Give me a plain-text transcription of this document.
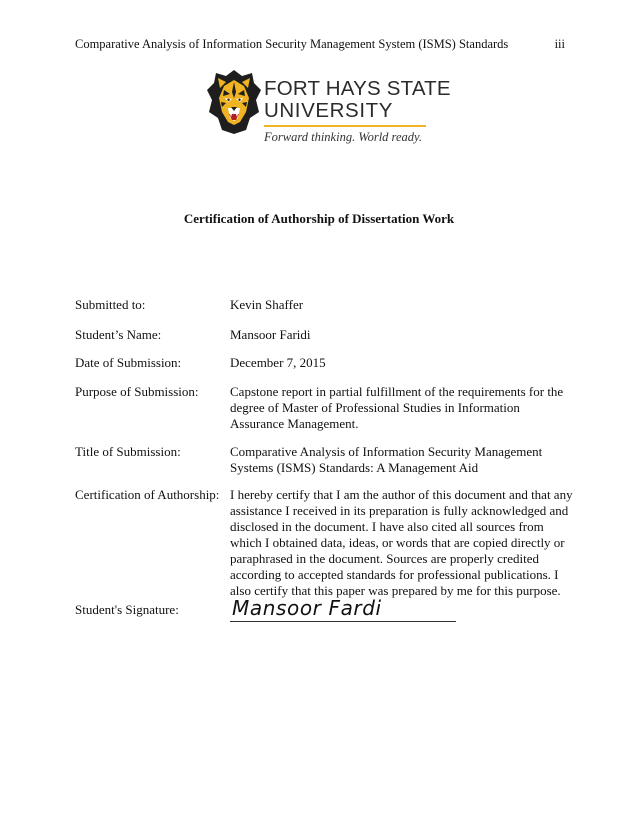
Comparative Analysis of Information Security Management System (ISMS) Standards	iii
FORT HAYS STATE
UNIVERSITY
Forward thinking. World ready.
Certification of Authorship of Dissertation Work
Submitted to:	Kevin Shaffer
Student’s Name:	Mansoor Faridi
Date of Submission:	December 7, 2015
Purpose of Submission: Capstone report in partial fulfillment of the requirements for the
degree of Master of Professional Studies in Information
Assurance Management.
Title of Submission:	Comparative Analysis of Information Security Management
Systems (ISMS) Standards: A Management Aid
Certification of Authorship: I hereby certify that I am the author of this document and that any
assistance I received in its preparation is fully acknowledged and
disclosed in the document. I have also cited all sources from
which I obtained data, ideas, or words that are copied directly or
paraphrased in the document. Sources are properly credited
according to accepted standards for professional publications. I
also certify that this paper was prepared by me for this purpose.
Student's Signature:	Mansoor Fardi
